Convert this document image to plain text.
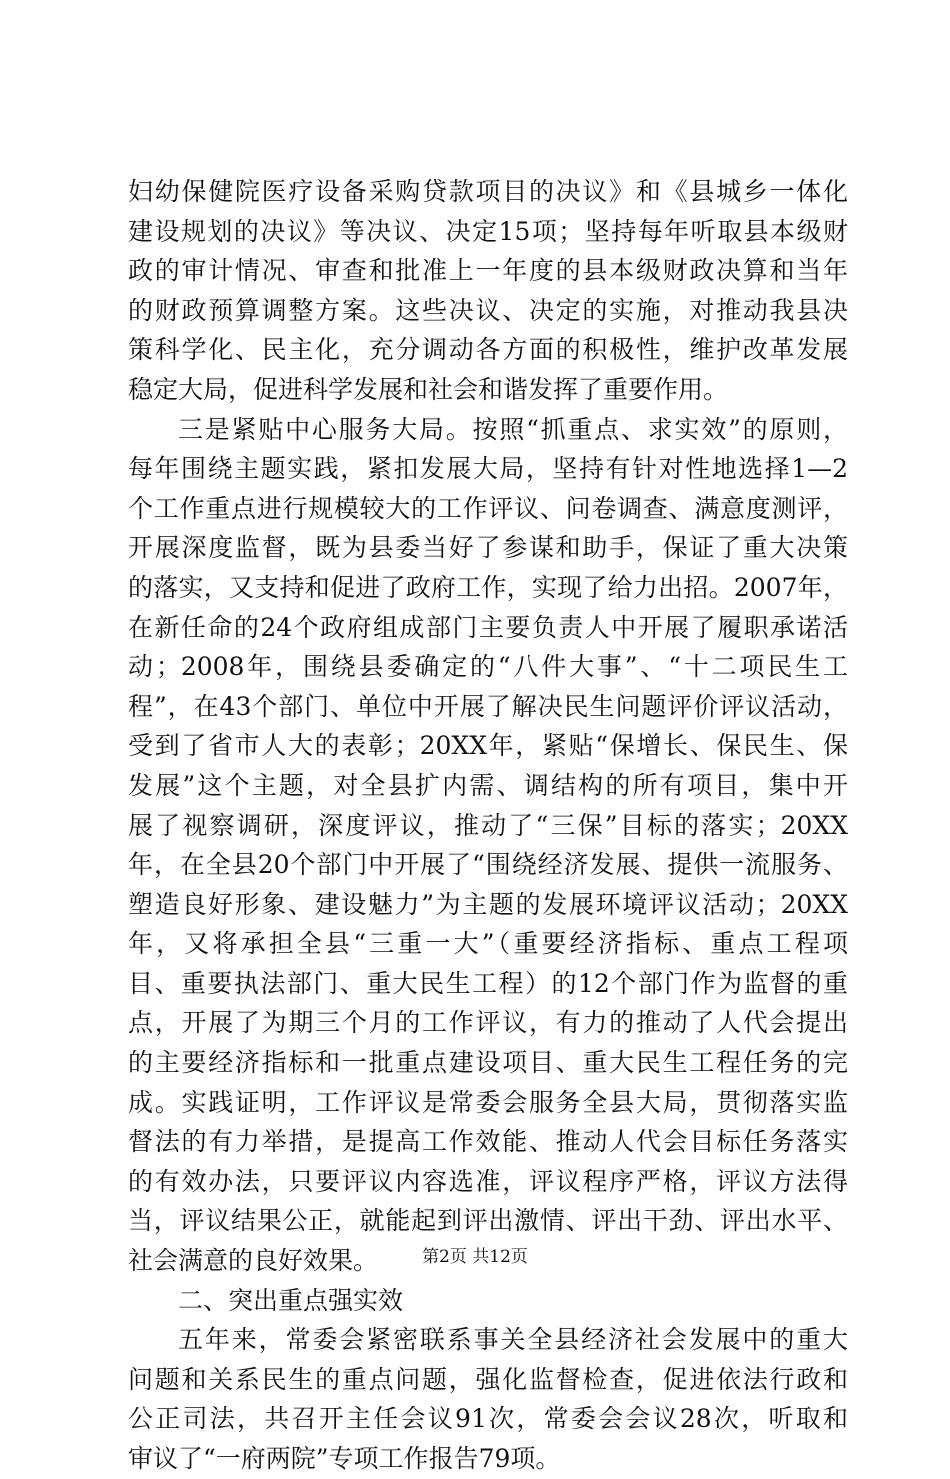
妇幼保健院医疗设备采购贷款项目的决议》和《县城乡一体化
建设规划的决议》等决议、决定15项；坚持每年听取县本级财
政的审计情况、审查和批准上一年度的县本级财政决算和当年
的财政预算调整方案。这些决议、决定的实施，对推动我县决
策科学化、民主化，充分调动各方面的积极性，维护改革发展
稳定大局，促进科学发展和社会和谐发挥了重要作用。
三是紧贴中心服务大局。按照“抓重点、求实效”的原则，
每年围绕主题实践，紧扣发展大局，坚持有针对性地选择1—2
个工作重点进行规模较大的工作评议、问卷调查、满意度测评，
开展深度监督，既为县委当好了参谋和助手，保证了重大决策
的落实，又支持和促进了政府工作，实现了给力出招。2007年，
在新任命的24个政府组成部门主要负责人中开展了履职承诺活
动；2008年，围绕县委确定的“八件大事”、“十二项民生工
程”，在43个部门、单位中开展了解决民生问题评价评议活动，
受到了省市人大的表彰；20XX年，紧贴“保增长、保民生、保
发展”这个主题，对全县扩内需、调结构的所有项目，集中开
展了视察调研，深度评议，推动了“三保”目标的落实；20XX
年，在全县20个部门中开展了“围绕经济发展、提供一流服务、
塑造良好形象、建设魅力”为主题的发展环境评议活动；20XX
年，又将承担全县“三重一大”（重要经济指标、重点工程项
目、重要执法部门、重大民生工程）的12个部门作为监督的重
点，开展了为期三个月的工作评议，有力的推动了人代会提出
的主要经济指标和一批重点建设项目、重大民生工程任务的完
成。实践证明，工作评议是常委会服务全县大局，贯彻落实监
督法的有力举措，是提高工作效能、推动人代会目标任务落实
的有效办法，只要评议内容选准，评议程序严格，评议方法得
当，评议结果公正，就能起到评出激情、评出干劲、评出水平、
社会满意的良好效果。
二、突出重点强实效
五年来，常委会紧密联系事关全县经济社会发展中的重大
问题和关系民生的重点问题，强化监督检查，促进依法行政和
公正司法，共召开主任会议91次，常委会会议28次，听取和
审议了“一府两院”专项工作报告79项。
第2页 共12页
